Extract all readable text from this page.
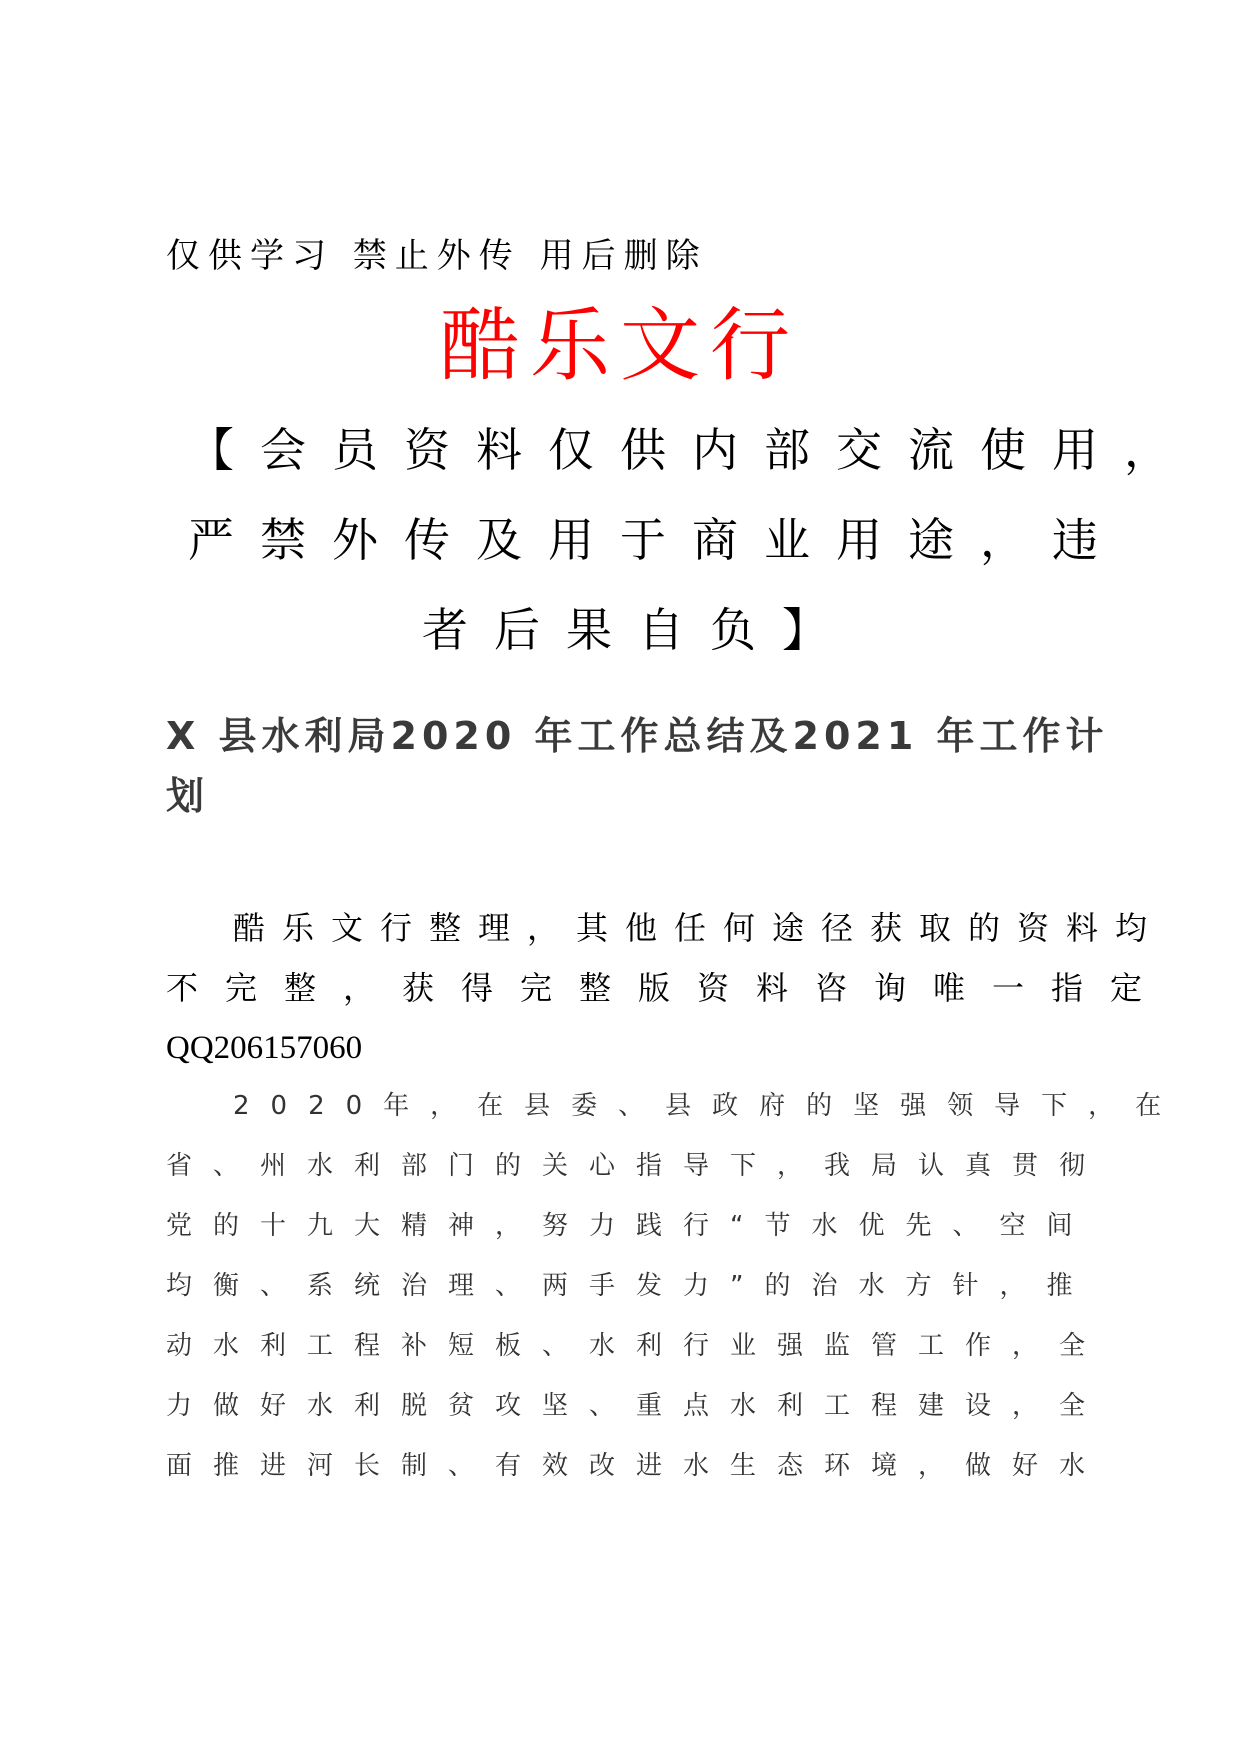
仅供学习 禁止外传 用后删除
酷乐文行
【会员资料仅供内部交流使用，
严禁外传及用于商业用途，违
者后果自负】
X 县水利局2020 年工作总结及2021 年工作计
划
酷乐文行整理，其他任何途径获取的资料均
不完整，获得完整版资料咨询唯一指定
QQ206157060
2020年，在县委、县政府的坚强领导下，在
省、州水利部门的关心指导下，我局认真贯彻
党的十九大精神，努力践行“节水优先、空间
均衡、系统治理、两手发力”的治水方针，推
动水利工程补短板、水利行业强监管工作，全
力做好水利脱贫攻坚、重点水利工程建设，全
面推进河长制、有效改进水生态环境，做好水
